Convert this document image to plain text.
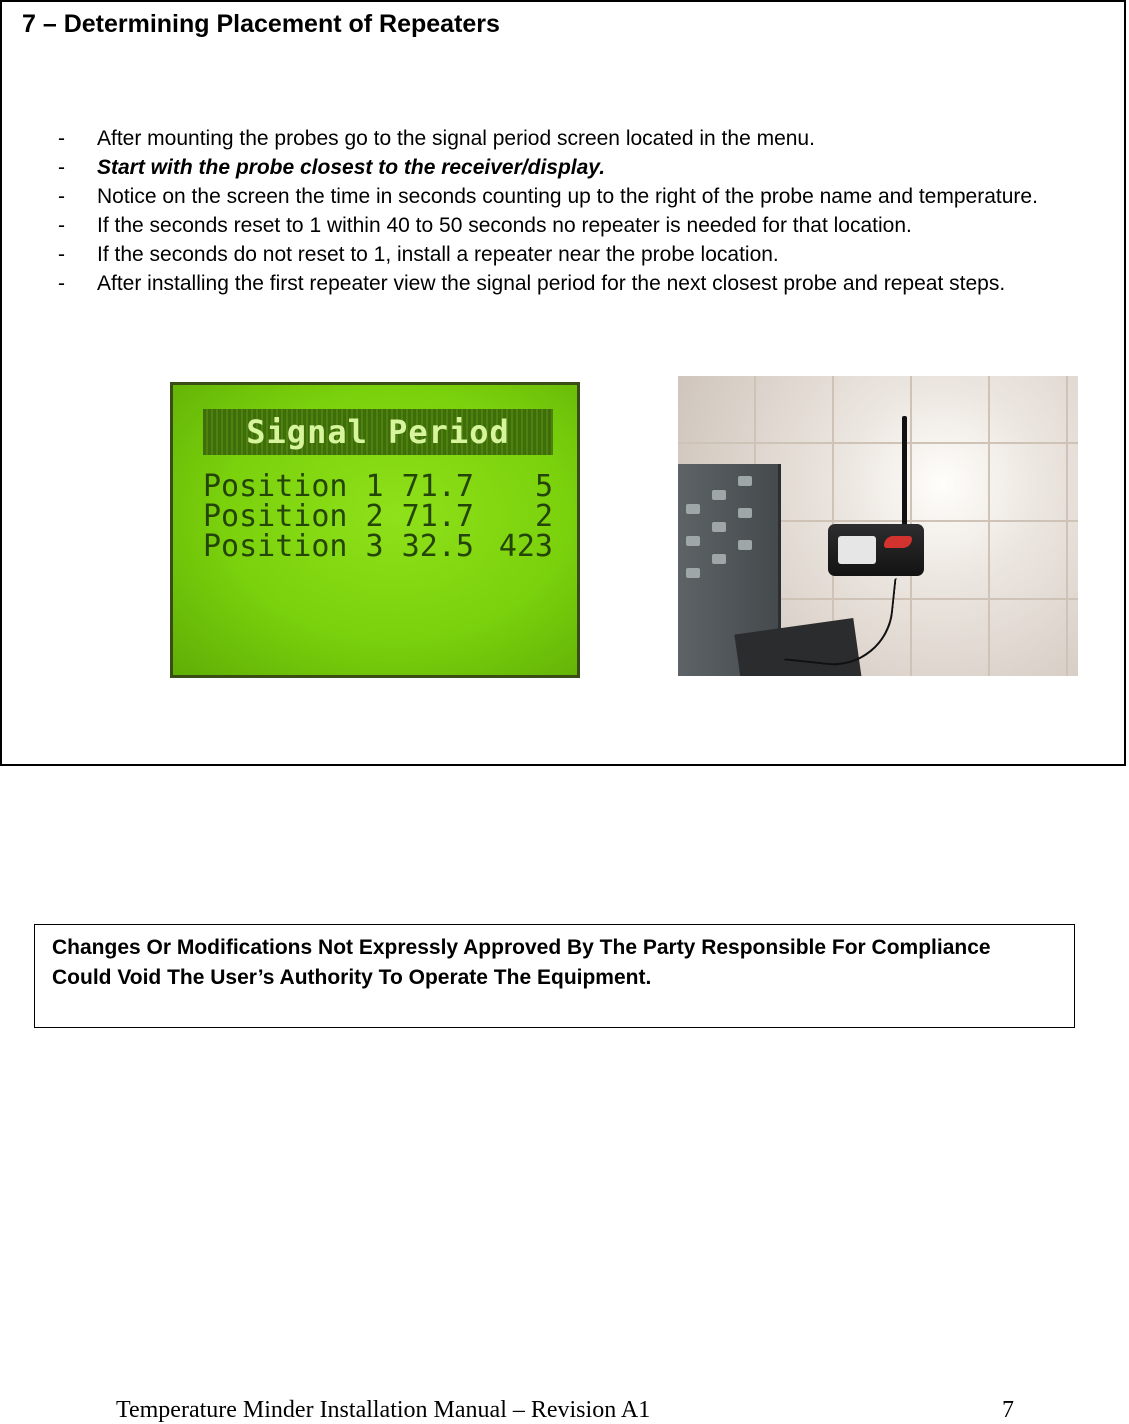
7 – Determining Placement of Repeaters
- After mounting the probes go to the signal period screen located in the menu.
- Start with the probe closest to the receiver/display.
- Notice on the screen the time in seconds counting up to the right of the probe name and temperature.
- If the seconds reset to 1 within 40 to 50 seconds no repeater is needed for that location.
- If the seconds do not reset to 1, install a repeater near the probe location.
- After installing the first repeater view the signal period for the next closest probe and repeat steps.
Signal Period
Position 1 71.7 5
Position 2 71.7 2
Position 3 32.5 423

Changes Or Modifications Not Expressly Approved By The Party Responsible For Compliance Could Void The User’s Authority To Operate The Equipment.

Temperature Minder Installation Manual – Revision A1	7
